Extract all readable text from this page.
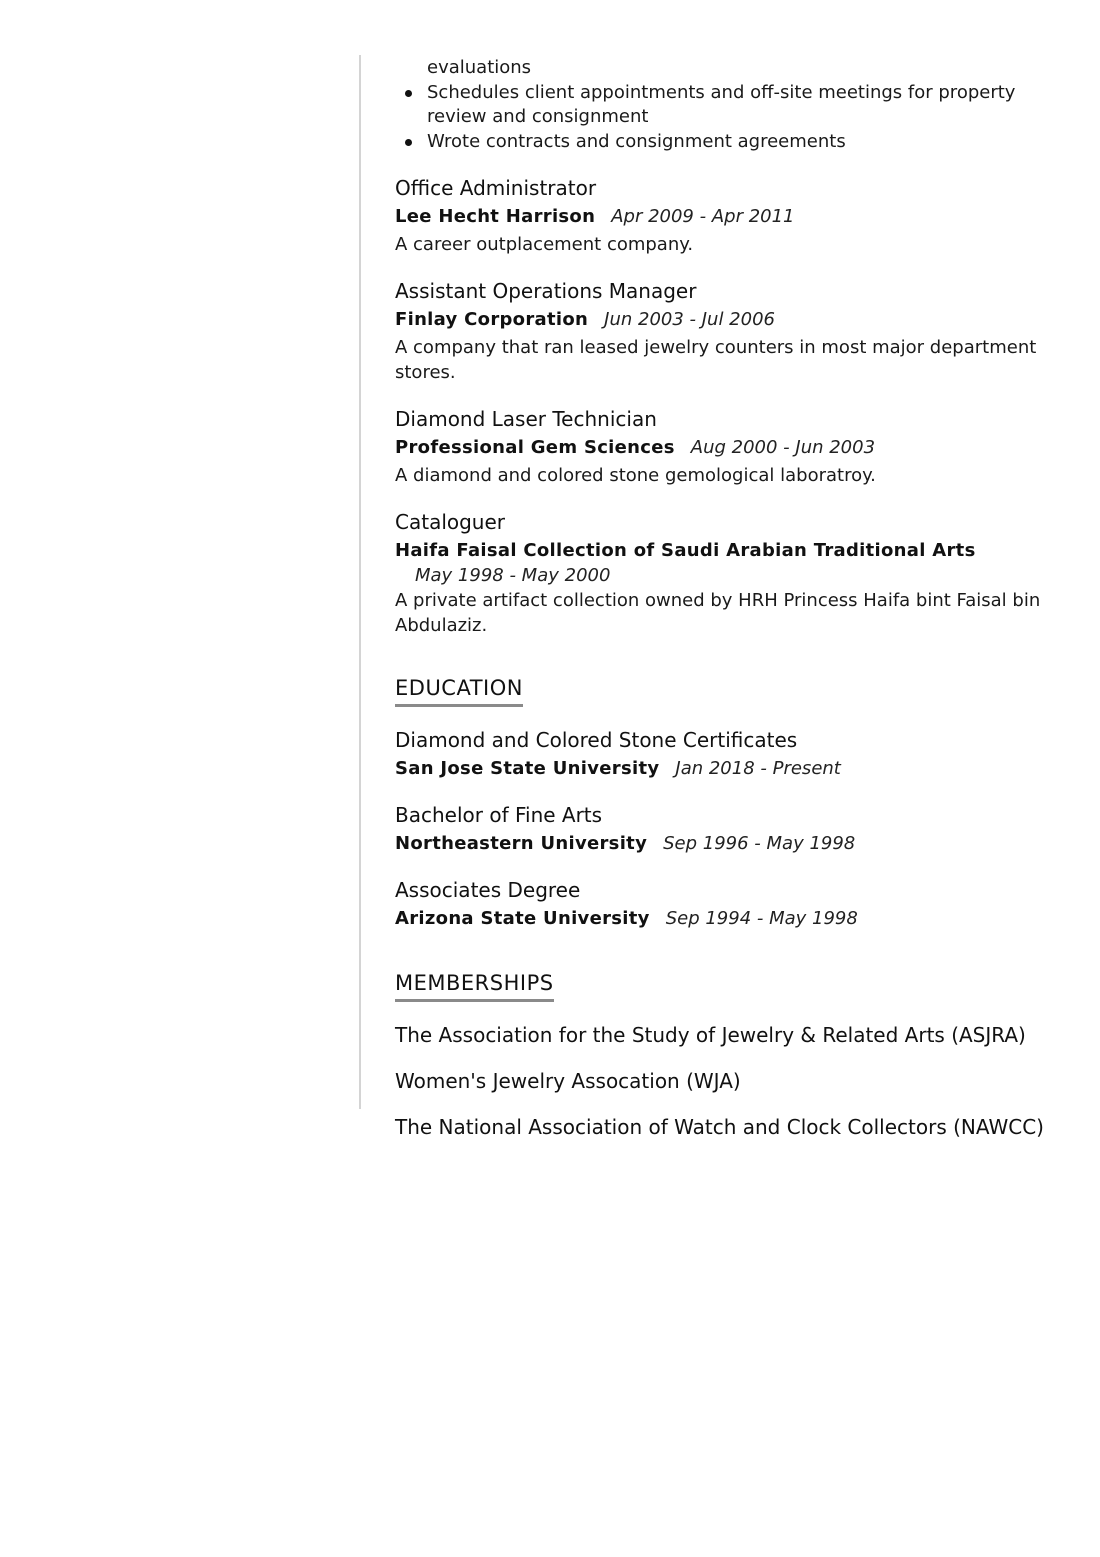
evaluations
Schedules client appointments and off-site meetings for property review and consignment
Wrote contracts and consignment agreements
Office Administrator
Lee Hecht Harrison Apr 2009 - Apr 2011
A career outplacement company.
Assistant Operations Manager
Finlay Corporation Jun 2003 - Jul 2006
A company that ran leased jewelry counters in most major department stores.
Diamond Laser Technician
Professional Gem Sciences Aug 2000 - Jun 2003
A diamond and colored stone gemological laboratroy.
Cataloguer
Haifa Faisal Collection of Saudi Arabian Traditional Arts
May 1998 - May 2000
A private artifact collection owned by HRH Princess Haifa bint Faisal bin Abdulaziz.
EDUCATION
Diamond and Colored Stone Certificates
San Jose State University Jan 2018 - Present
Bachelor of Fine Arts
Northeastern University Sep 1996 - May 1998
Associates Degree
Arizona State University Sep 1994 - May 1998
MEMBERSHIPS
The Association for the Study of Jewelry & Related Arts (ASJRA)
Women's Jewelry Assocation (WJA)
The National Association of Watch and Clock Collectors (NAWCC)
